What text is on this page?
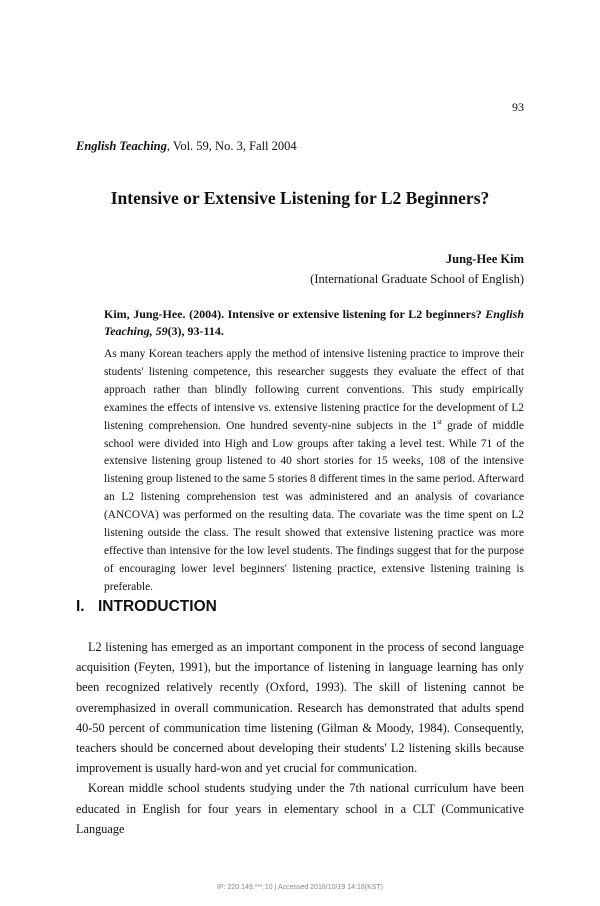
93
English Teaching, Vol. 59, No. 3, Fall 2004
Intensive or Extensive Listening for L2 Beginners?
Jung-Hee Kim
(International Graduate School of English)
Kim, Jung-Hee. (2004). Intensive or extensive listening for L2 beginners? English Teaching, 59(3), 93-114.
As many Korean teachers apply the method of intensive listening practice to improve their students' listening competence, this researcher suggests they evaluate the effect of that approach rather than blindly following current conventions. This study empirically examines the effects of intensive vs. extensive listening practice for the development of L2 listening comprehension. One hundred seventy-nine subjects in the 1st grade of middle school were divided into High and Low groups after taking a level test. While 71 of the extensive listening group listened to 40 short stories for 15 weeks, 108 of the intensive listening group listened to the same 5 stories 8 different times in the same period. Afterward an L2 listening comprehension test was administered and an analysis of covariance (ANCOVA) was performed on the resulting data. The covariate was the time spent on L2 listening outside the class. The result showed that extensive listening practice was more effective than intensive for the low level students. The findings suggest that for the purpose of encouraging lower level beginners' listening practice, extensive listening training is preferable.
I. INTRODUCTION

L2 listening has emerged as an important component in the process of second language acquisition (Feyten, 1991), but the importance of listening in language learning has only been recognized relatively recently (Oxford, 1993). The skill of listening cannot be overemphasized in overall communication. Research has demonstrated that adults spend 40-50 percent of communication time listening (Gilman & Moody, 1984). Consequently, teachers should be concerned about developing their students' L2 listening skills because improvement is usually hard-won and yet crucial for communication.

Korean middle school students studying under the 7th national curriculum have been educated in English for four years in elementary school in a CLT (Communicative Language

IP: 220.149.***.10 | Accessed 2018/10/19 14:18(KST)
